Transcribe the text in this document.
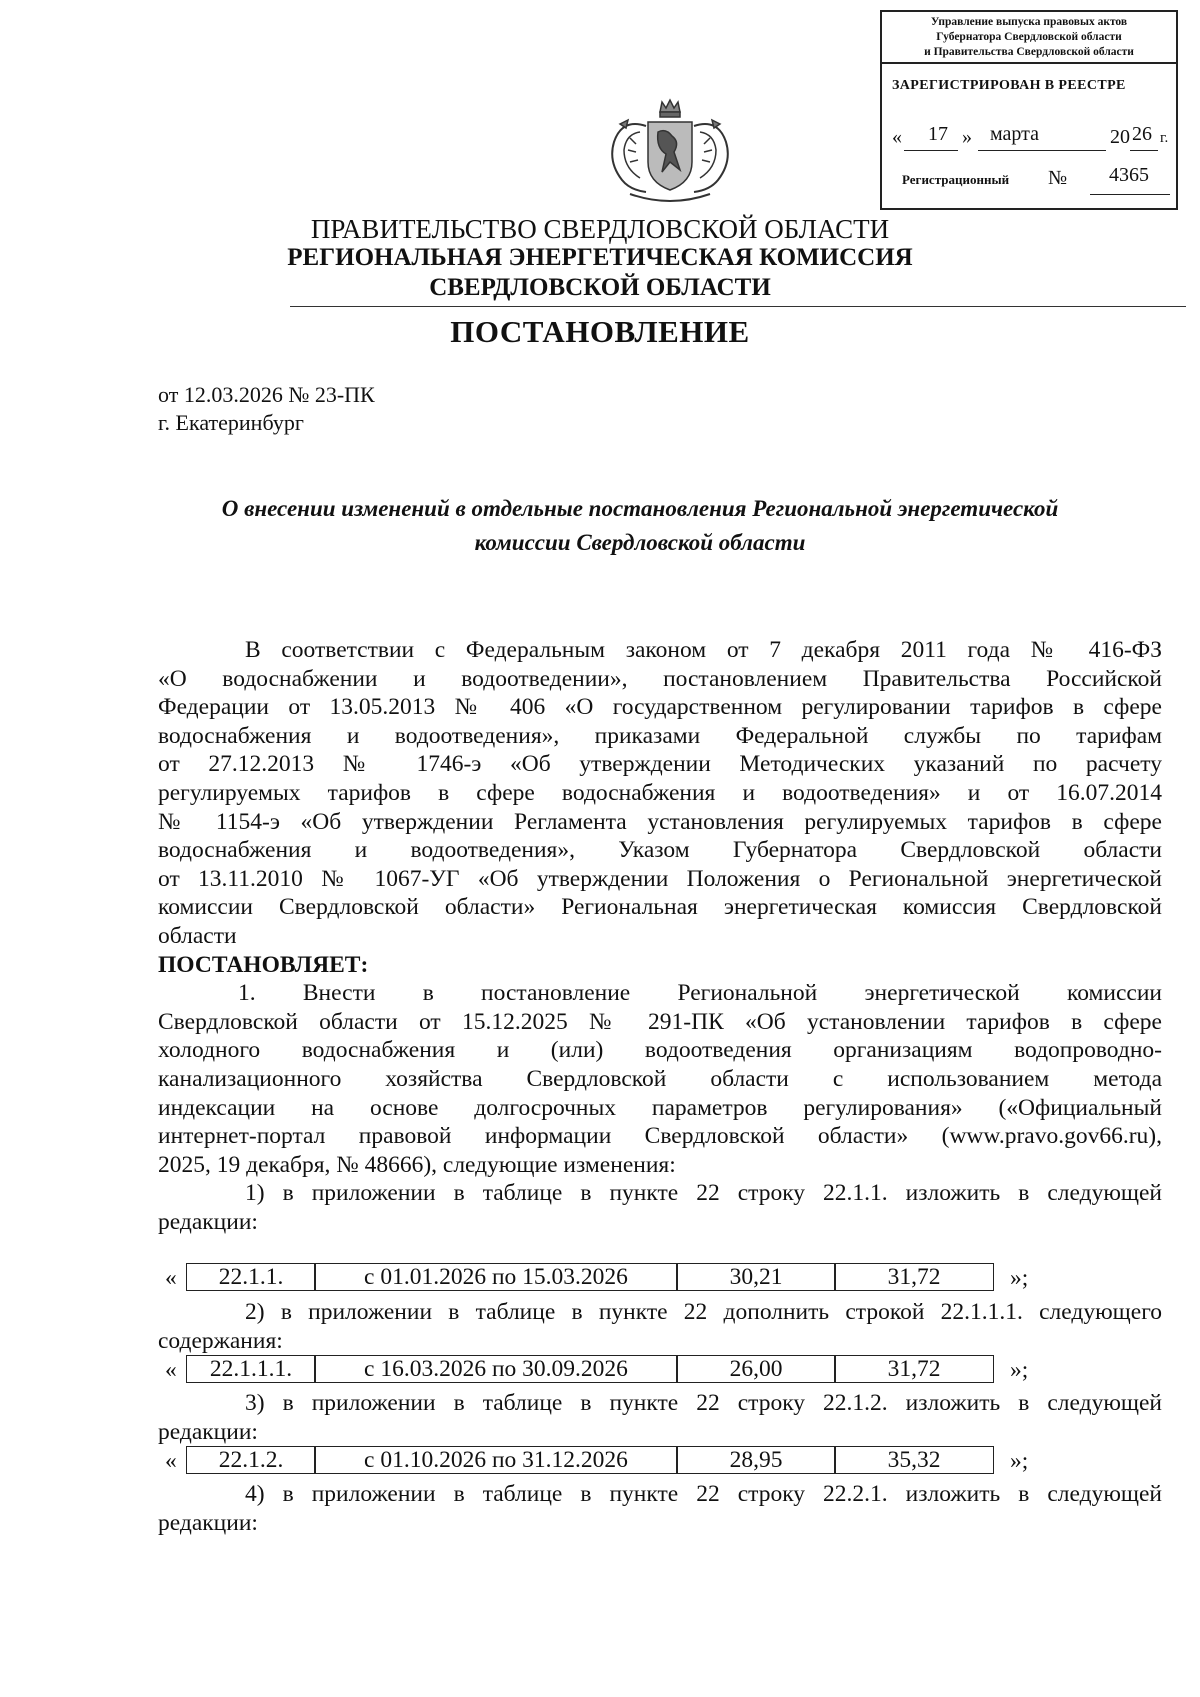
Управление выпуска правовых актов
Губернатора Свердловской области
и Правительства Свердловской области
ЗАРЕГИСТРИРОВАН В РЕЕСТРЕ
« 17 » марта	20 26 г.
Регистрационный №	4365
ПРАВИТЕЛЬСТВО СВЕРДЛОВСКОЙ ОБЛАСТИ
РЕГИОНАЛЬНАЯ ЭНЕРГЕТИЧЕСКАЯ КОМИССИЯ
СВЕРДЛОВСКОЙ ОБЛАСТИ
ПОСТАНОВЛЕНИЕ
от 12.03.2026 № 23-ПК
г. Екатеринбург
О внесении изменений в отдельные постановления Региональной энергетической
комиссии Свердловской области
В соответствии с Федеральным законом от 7 декабря 2011 года № 416-ФЗ
«О водоснабжении и водоотведении», постановлением Правительства Российской
Федерации от 13.05.2013 № 406 «О государственном регулировании тарифов в сфере
водоснабжения и водоотведения», приказами Федеральной службы по тарифам
от 27.12.2013 № 1746-э «Об утверждении Методических указаний по расчету
регулируемых тарифов в сфере водоснабжения и водоотведения» и от 16.07.2014
№ 1154-э «Об утверждении Регламента установления регулируемых тарифов в сфере
водоснабжения и водоотведения», Указом Губернатора Свердловской области
от 13.11.2010 № 1067-УГ «Об утверждении Положения о Региональной энергетической
комиссии Свердловской области» Региональная энергетическая комиссия Свердловской
области
ПОСТАНОВЛЯЕТ:
1. Внести в постановление Региональной энергетической комиссии
Свердловской области от 15.12.2025 № 291-ПК «Об установлении тарифов в сфере
холодного водоснабжения и (или) водоотведения организациям водопроводно-
канализационного хозяйства Свердловской области с использованием метода
индексации на основе долгосрочных параметров регулирования» («Официальный
интернет-портал правовой информации Свердловской области» (www.pravo.gov66.ru),
2025, 19 декабря, № 48666), следующие изменения:
1) в приложении в таблице в пункте 22 строку 22.1.1. изложить в следующей
редакции:
«	22.1.1.	с 01.01.2026 по 15.03.2026	30,21	31,72	»;
2) в приложении в таблице в пункте 22 дополнить строкой 22.1.1.1. следующего
содержания:
«	22.1.1.1.	с 16.03.2026 по 30.09.2026	26,00	31,72	»;
3) в приложении в таблице в пункте 22 строку 22.1.2. изложить в следующей
редакции:
«	22.1.2.	с 01.10.2026 по 31.12.2026	28,95	35,32	»;
4) в приложении в таблице в пункте 22 строку 22.2.1. изложить в следующей
редакции:
